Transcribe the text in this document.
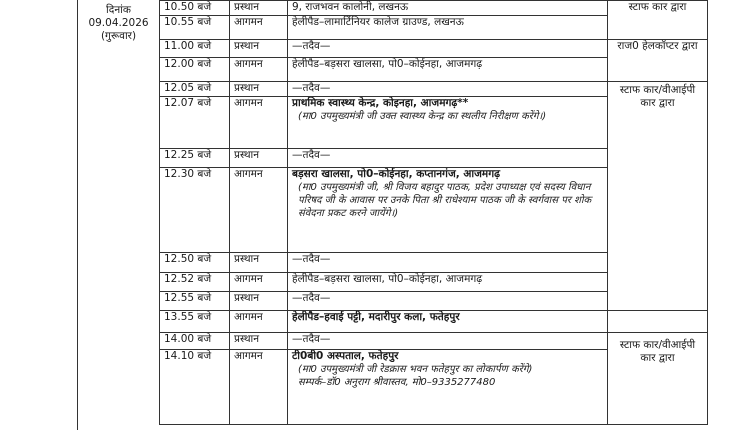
दिनांक
09.04.2026
(गुरूवार)	10.50 बजे	प्रस्थान	9, राजभवन कालोनी, लखनऊ	स्टाफ कार द्वारा	
	10.55 बजे	आगमन	हेलीपैड–लामार्टिनियर कालेज ग्राउण्ड, लखनऊ		

	11.00 बजे	प्रस्थान	—तदैव—	राज0 हेलकॉप्टर द्वारा	
	12.00 बजे	आगमन	हेलीपैड–बड़सरा खालसा, पो0–कोईनहा, आजमगढ़		

	12.05 बजे	प्रस्थान	—तदैव—	स्टाफ कार/वीआईपी कार द्वारा	
	12.07 बजे	आगमन	प्राथमिक स्वास्थ्य केन्द्र, कोइनहा, आजमगढ़**
(मा0 उपमुख्यमंत्री जी उक्त स्वास्थ्य केन्द्र का स्थलीय निरीक्षण करेंगे।)		

	12.25 बजे	प्रस्थान	—तदैव—		

	12.30 बजे	आगमन	बड़सरा खालसा, पो0–कोईनहा, कप्तानगंज, आजमगढ़
(मा0 उपमुख्यमंत्री जी, श्री विजय बहादुर पाठक, प्रदेश उपाध्यक्ष एवं सदस्य विधान परिषद जी के आवास पर उनके पिता श्री राधेश्याम पाठक जी के स्वर्गवास पर शोक संवेदना प्रकट करने जायेंगे।)		

	12.50 बजे	प्रस्थान	—तदैव—		

	12.52 बजे	आगमन	हेलीपैड–बड़सरा खालसा, पो0–कोईनहा, आजमगढ़		

	12.55 बजे	प्रस्थान	—तदैव—

	13.55 बजे	आगमन	हेलीपैड–हवाई पट्टी, मदारीपुर कला, फतेहपुर		

	14.00 बजे	प्रस्थान	—तदैव—	स्टाफ कार/वीआईपी कार द्वारा	
	14.10 बजे	आगमन	टी0बी0 अस्पताल, फतेहपुर
(मा0 उपमुख्यमंत्री जी रेडक्रास भवन फतेहपुर का लोकार्पण करेंगे)
सम्पर्क–डॉ0 अनुराग श्रीवास्तव, मो0–9335277480		
